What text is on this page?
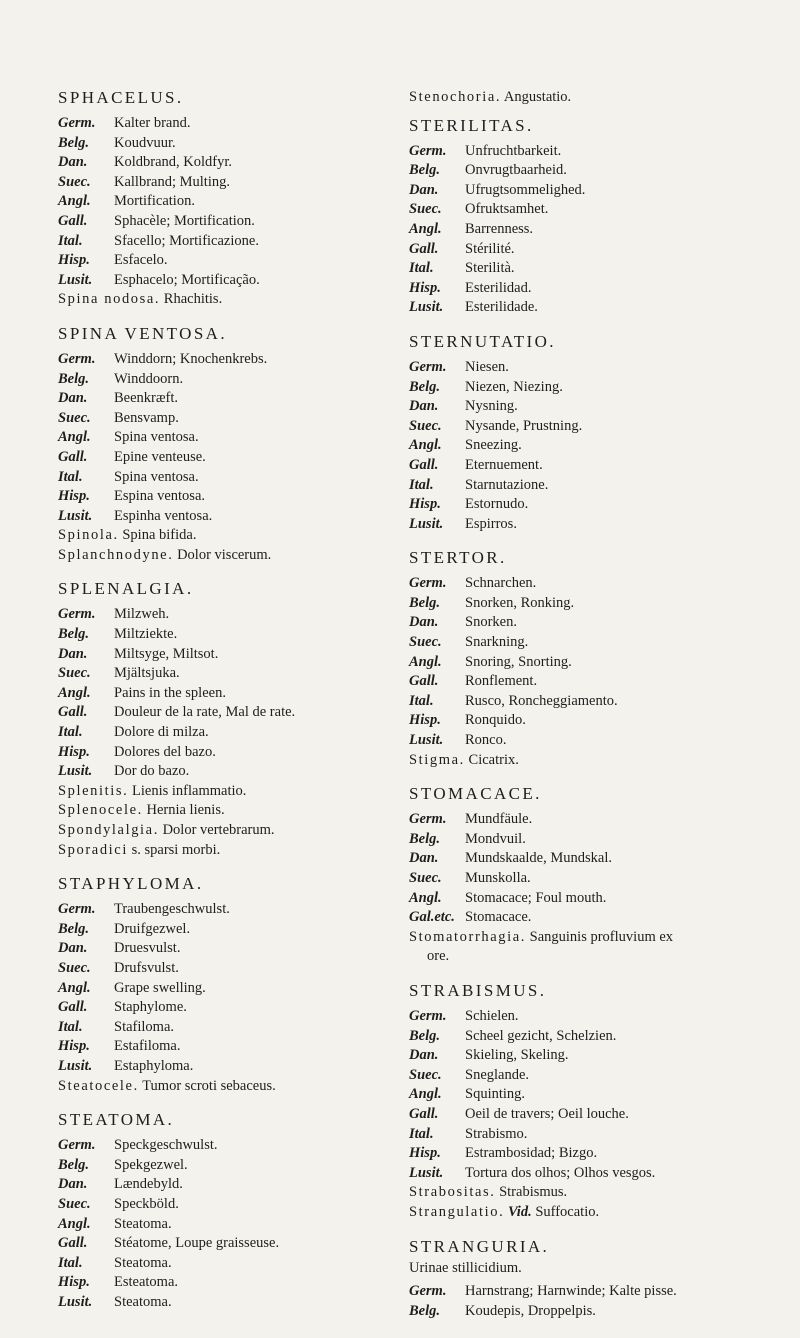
SPHACELUS.
Germ.	Kalter brand.
Belg.	Koudvuur.
Dan.	Koldbrand, Koldfyr.
Suec.	Kallbrand; Multing.
Angl.	Mortification.
Gall.	Sphacèle; Mortification.
Ital.	Sfacello; Mortificazione.
Hisp.	Esfacelo.
Lusit.	Esphacelo; Mortificação.
Spina nodosa. Rhachitis.
SPINA VENTOSA.
Germ.	Winddorn; Knochenkrebs.
Belg.	Winddoorn.
Dan.	Beenkræft.
Suec.	Bensvamp.
Angl.	Spina ventosa.
Gall.	Epine venteuse.
Ital.	Spina ventosa.
Hisp.	Espina ventosa.
Lusit.	Espinha ventosa.
Spinola. Spina bifida.
Splanchnodyne. Dolor viscerum.
SPLENALGIA.
Germ.	Milzweh.
Belg.	Miltziekte.
Dan.	Miltsyge, Miltsot.
Suec.	Mjältsjuka.
Angl.	Pains in the spleen.
Gall.	Douleur de la rate, Mal de rate.
Ital.	Dolore di milza.
Hisp.	Dolores del bazo.
Lusit.	Dor do bazo.
Splenitis. Lienis inflammatio.
Splenocele. Hernia lienis.
Spondylalgia. Dolor vertebrarum.
Sporadici s. sparsi morbi.
STAPHYLOMA.
Germ.	Traubengeschwulst.
Belg.	Druifgezwel.
Dan.	Druesvulst.
Suec.	Drufsvulst.
Angl.	Grape swelling.
Gall.	Staphylome.
Ital.	Stafiloma.
Hisp.	Estafiloma.
Lusit.	Estaphyloma.
Steatocele. Tumor scroti sebaceus.
STEATOMA.
Germ.	Speckgeschwulst.
Belg.	Spekgezwel.
Dan.	Lændebyld.
Suec.	Speckböld.
Angl.	Steatoma.
Gall.	Stéatome, Loupe graisseuse.
Ital.	Steatoma.
Hisp.	Esteatoma.
Lusit.	Steatoma.
Stenochoria. Angustatio.
STERILITAS.
Germ.	Unfruchtbarkeit.
Belg.	Onvrugtbaarheid.
Dan.	Ufrugtsommelighed.
Suec.	Ofruktsamhet.
Angl.	Barrenness.
Gall.	Stérilité.
Ital.	Sterilità.
Hisp.	Esterilidad.
Lusit.	Esterilidade.
STERNUTATIO.
Germ.	Niesen.
Belg.	Niezen, Niezing.
Dan.	Nysning.
Suec.	Nysande, Prustning.
Angl.	Sneezing.
Gall.	Eternuement.
Ital.	Starnutazione.
Hisp.	Estornudo.
Lusit.	Espirros.
STERTOR.
Germ.	Schnarchen.
Belg.	Snorken, Ronking.
Dan.	Snorken.
Suec.	Snarkning.
Angl.	Snoring, Snorting.
Gall.	Ronflement.
Ital.	Rusco, Roncheggiamento.
Hisp.	Ronquido.
Lusit.	Ronco.
Stigma. Cicatrix.
STOMACACE.
Germ.	Mundfäule.
Belg.	Mondvuil.
Dan.	Mundskaalde, Mundskal.
Suec.	Munskolla.
Angl.	Stomacace; Foul mouth.
Gal.etc. Stomacace.
Stomatorrhagia. Sanguinis profluvium ex
ore.
STRABISMUS.
Germ.	Schielen.
Belg.	Scheel gezicht, Schelzien.
Dan.	Skieling, Skeling.
Suec.	Sneglande.
Angl.	Squinting.
Gall.	Oeil de travers; Oeil louche.
Ital.	Strabismo.
Hisp.	Estrambosidad; Bizgo.
Lusit.	Tortura dos olhos; Olhos vesgos.
Strabositas. Strabismus.
Strangulatio. Vid. Suffocatio.
STRANGURIA.
Urinae stillicidium.
Germ.	Harnstrang; Harnwinde; Kalte pisse.
Belg.	Koudepis, Droppelpis.
